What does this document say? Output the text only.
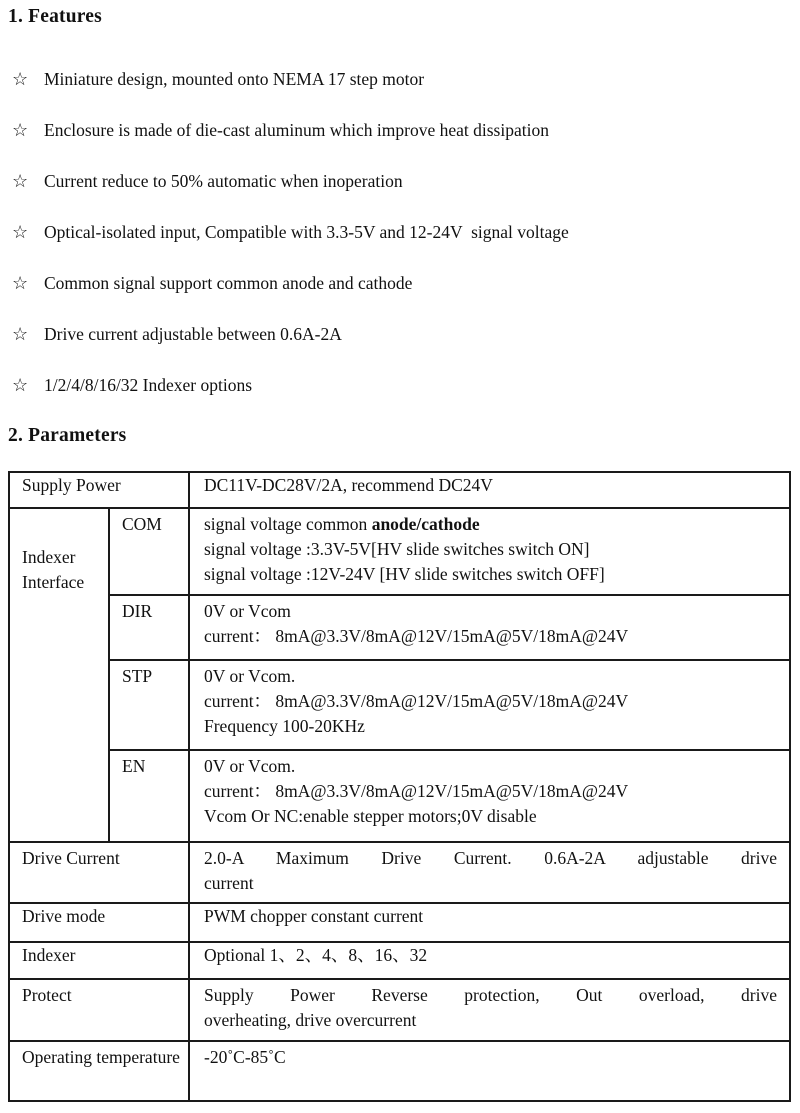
1. Features
☆ Miniature design, mounted onto NEMA 17 step motor
☆ Enclosure is made of die-cast aluminum which improve heat dissipation
☆ Current reduce to 50% automatic when inoperation
☆ Optical-isolated input, Compatible with 3.3-5V and 12-24V  signal voltage
☆ Common signal support common anode and cathode
☆ Drive current adjustable between 0.6A-2A
☆ 1/2/4/8/16/32 Indexer options
2. Parameters
Supply Power		DC11V-DC28V/2A, recommend DC24V
Indexer Interface	COM	signal voltage common anode/cathode
signal voltage :3.3V-5V[HV slide switches switch ON]
signal voltage :12V-24V [HV slide switches switch OFF]

	DIR	0V or Vcom
current： 8mA@3.3V/8mA@12V/15mA@5V/18mA@24V

	STP	0V or Vcom.
current： 8mA@3.3V/8mA@12V/15mA@5V/18mA@24V
Frequency 100-20KHz

	EN	0V or Vcom.
current： 8mA@3.3V/8mA@12V/15mA@5V/18mA@24V
Vcom Or NC:enable stepper motors;0V disable

Drive Current		2.0-A Maximum Drive Current. 0.6A-2A adjustable drive
current

Drive mode		PWM chopper constant current
Indexer		Optional 1、2、4、8、16、32
Protect		Supply Power Reverse protection, Out overload, drive
overheating, drive overcurrent

Operating temperature		-20˚C-85˚C
